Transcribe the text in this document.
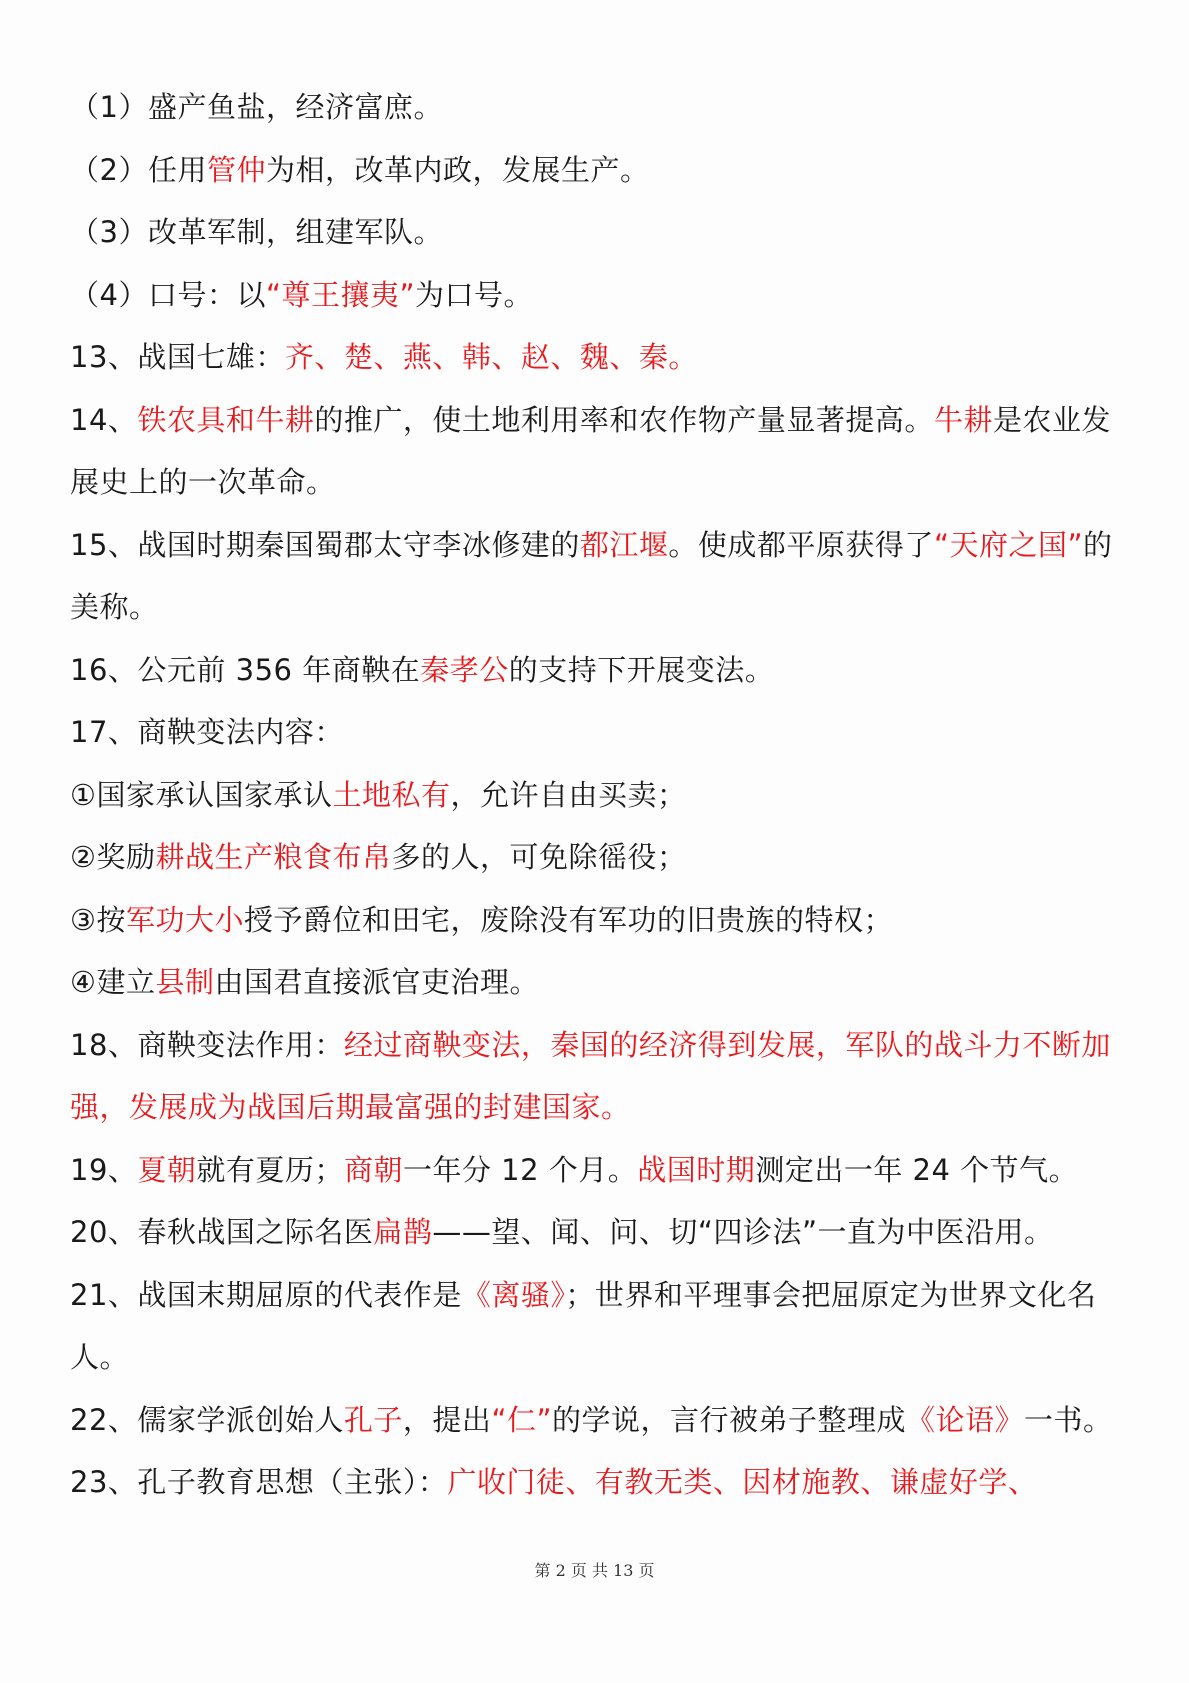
（1）盛产鱼盐，经济富庶。

（2）任用管仲为相，改革内政，发展生产。

（3）改革军制，组建军队。

（4）口号：以“尊王攘夷”为口号。

13、战国七雄：齐、楚、燕、韩、赵、魏、秦。

14、铁农具和牛耕的推广，使土地利用率和农作物产量显著提高。牛耕是农业发展史上的一次革命。

15、战国时期秦国蜀郡太守李冰修建的都江堰。使成都平原获得了“天府之国”的美称。

16、公元前 356 年商鞅在秦孝公的支持下开展变法。

17、商鞅变法内容：

①国家承认国家承认土地私有，允许自由买卖；

②奖励耕战生产粮食布帛多的人，可免除徭役；

③按军功大小授予爵位和田宅，废除没有军功的旧贵族的特权；

④建立县制由国君直接派官吏治理。

18、商鞅变法作用：经过商鞅变法，秦国的经济得到发展，军队的战斗力不断加强，发展成为战国后期最富强的封建国家。

19、夏朝就有夏历；商朝一年分 12 个月。战国时期测定出一年 24 个节气。

20、春秋战国之际名医扁鹊——望、闻、问、切“四诊法”一直为中医沿用。

21、战国末期屈原的代表作是《离骚》；世界和平理事会把屈原定为世界文化名人。

22、儒家学派创始人孔子，提出“仁”的学说，言行被弟子整理成《论语》一书。

23、孔子教育思想（主张）：广收门徒、有教无类、因材施教、谦虚好学、

第 2 页 共 13 页
